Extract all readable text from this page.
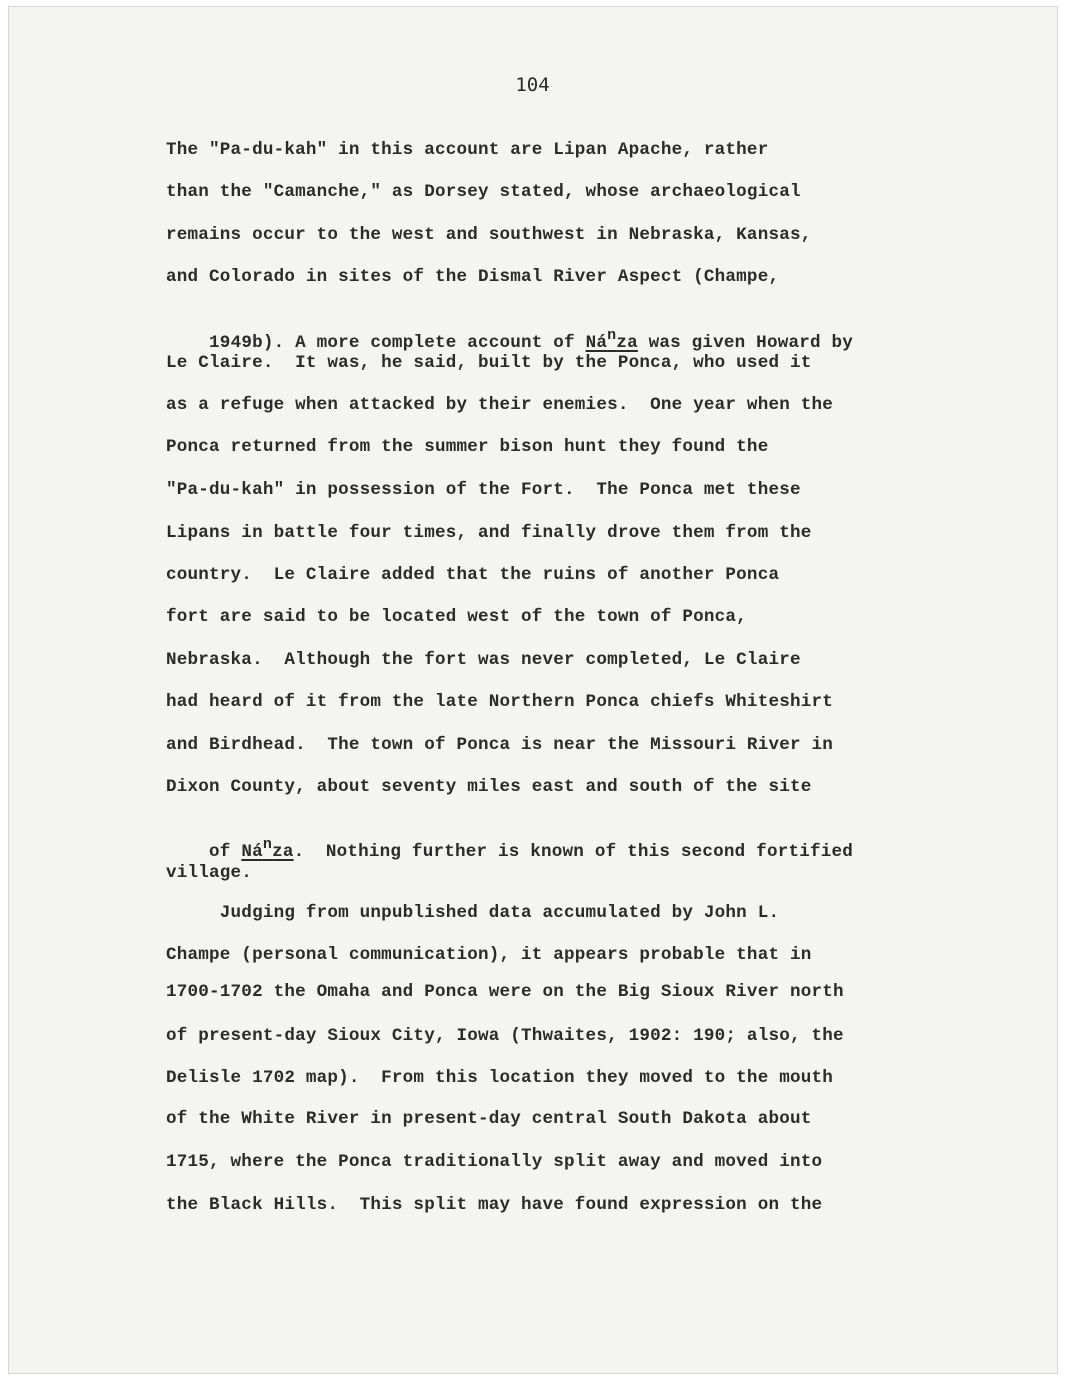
104
The "Pa-du-kah" in this account are Lipan Apache, rather
than the "Camanche," as Dorsey stated, whose archaeological
remains occur to the west and southwest in Nebraska, Kansas,
and Colorado in sites of the Dismal River Aspect (Champe,

1949b). A more complete account of Nánza was given Howard by

Le Claire.  It was, he said, built by the Ponca, who used it
as a refuge when attacked by their enemies.  One year when the
Ponca returned from the summer bison hunt they found the
"Pa-du-kah" in possession of the Fort.  The Ponca met these
Lipans in battle four times, and finally drove them from the
country.  Le Claire added that the ruins of another Ponca
fort are said to be located west of the town of Ponca,
Nebraska.  Although the fort was never completed, Le Claire
had heard of it from the late Northern Ponca chiefs Whiteshirt
and Birdhead.  The town of Ponca is near the Missouri River in
Dixon County, about seventy miles east and south of the site

of Nánza.  Nothing further is known of this second fortified

village.
Judging from unpublished data accumulated by John L.
Champe (personal communication), it appears probable that in
1700-1702 the Omaha and Ponca were on the Big Sioux River north
of present-day Sioux City, Iowa (Thwaites, 1902: 190; also, the
Delisle 1702 map).  From this location they moved to the mouth
of the White River in present-day central South Dakota about
1715, where the Ponca traditionally split away and moved into
the Black Hills.  This split may have found expression on the
